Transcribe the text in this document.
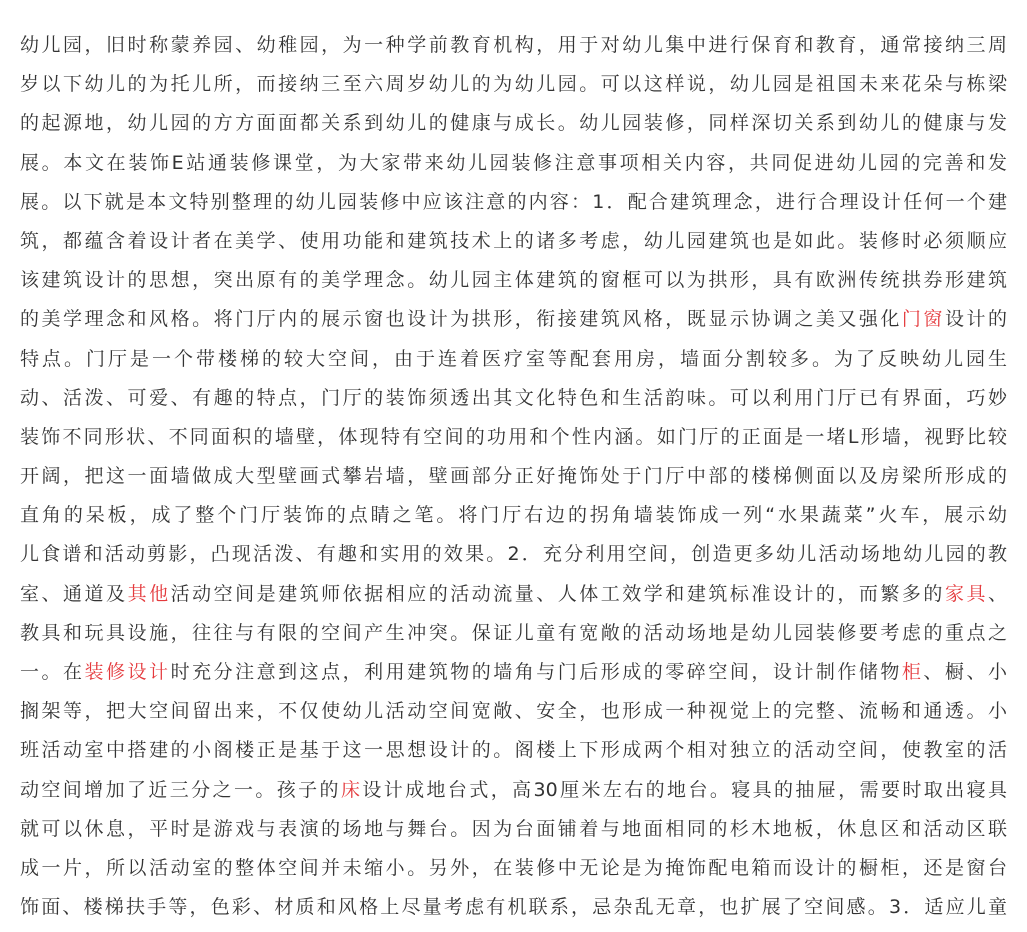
幼儿园，旧时称蒙养园、幼稚园，为一种学前教育机构，用于对幼儿集中进行保育和教育，通常接纳三周
岁以下幼儿的为托儿所，而接纳三至六周岁幼儿的为幼儿园。可以这样说，幼儿园是祖国未来花朵与栋梁
的起源地，幼儿园的方方面面都关系到幼儿的健康与成长。幼儿园装修，同样深切关系到幼儿的健康与发
展。本文在装饰E站通装修课堂，为大家带来幼儿园装修注意事项相关内容，共同促进幼儿园的完善和发
展。以下就是本文特别整理的幼儿园装修中应该注意的内容：1．配合建筑理念，进行合理设计任何一个建
筑，都蕴含着设计者在美学、使用功能和建筑技术上的诸多考虑，幼儿园建筑也是如此。装修时必须顺应
该建筑设计的思想，突出原有的美学理念。幼儿园主体建筑的窗框可以为拱形，具有欧洲传统拱券形建筑
的美学理念和风格。将门厅内的展示窗也设计为拱形，衔接建筑风格，既显示协调之美又强化门窗设计的
特点。门厅是一个带楼梯的较大空间，由于连着医疗室等配套用房，墙面分割较多。为了反映幼儿园生
动、活泼、可爱、有趣的特点，门厅的装饰须透出其文化特色和生活韵味。可以利用门厅已有界面，巧妙
装饰不同形状、不同面积的墙壁，体现特有空间的功用和个性内涵。如门厅的正面是一堵L形墙，视野比较
开阔，把这一面墙做成大型壁画式攀岩墙，壁画部分正好掩饰处于门厅中部的楼梯侧面以及房梁所形成的
直角的呆板，成了整个门厅装饰的点睛之笔。将门厅右边的拐角墙装饰成一列“水果蔬菜”火车，展示幼
儿食谱和活动剪影，凸现活泼、有趣和实用的效果。2．充分利用空间，创造更多幼儿活动场地幼儿园的教
室、通道及其他活动空间是建筑师依据相应的活动流量、人体工效学和建筑标准设计的，而繁多的家具、
教具和玩具设施，往往与有限的空间产生冲突。保证儿童有宽敞的活动场地是幼儿园装修要考虑的重点之
一。在装修设计时充分注意到这点，利用建筑物的墙角与门后形成的零碎空间，设计制作储物柜、橱、小
搁架等，把大空间留出来，不仅使幼儿活动空间宽敞、安全，也形成一种视觉上的完整、流畅和通透。小
班活动室中搭建的小阁楼正是基于这一思想设计的。阁楼上下形成两个相对独立的活动空间，使教室的活
动空间增加了近三分之一。孩子的床设计成地台式，高30厘米左右的地台。寝具的抽屉，需要时取出寝具
就可以休息，平时是游戏与表演的场地与舞台。因为台面铺着与地面相同的杉木地板，休息区和活动区联
成一片，所以活动室的整体空间并未缩小。另外，在装修中无论是为掩饰配电箱而设计的橱柜，还是窗台
饰面、楼梯扶手等，色彩、材质和风格上尽量考虑有机联系，忌杂乱无章，也扩展了空间感。3．适应儿童
